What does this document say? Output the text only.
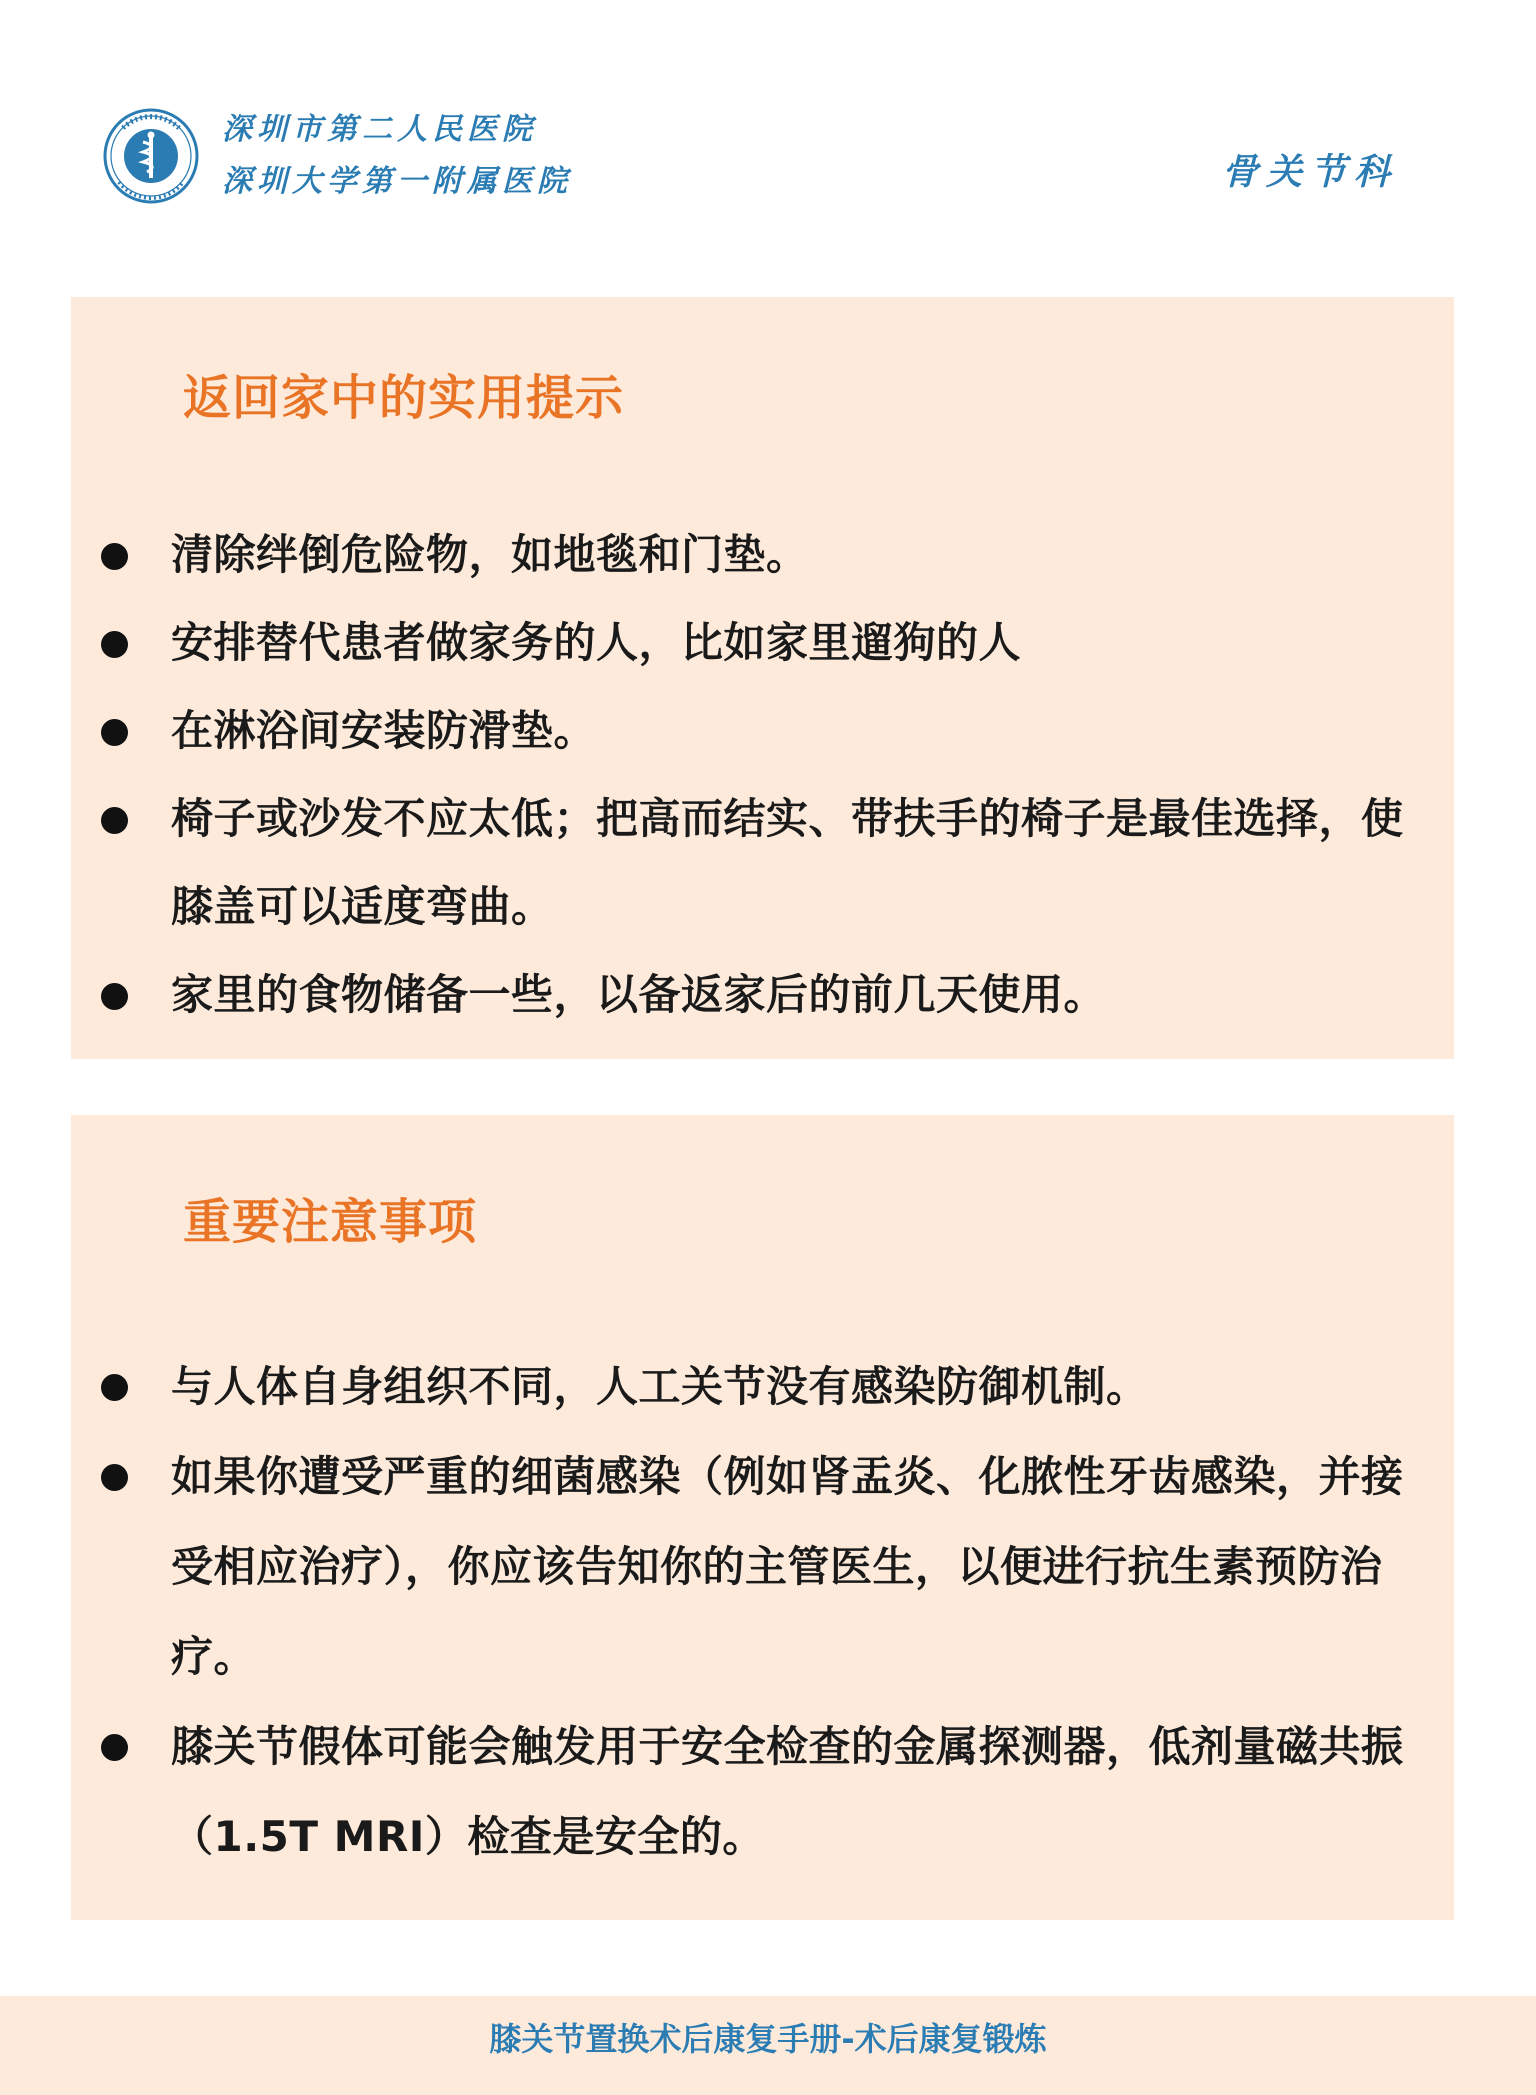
深圳市第二人民医院
深圳大学第一附属医院	骨关节科
返回家中的实用提示
清除绊倒危险物，如地毯和门垫。
安排替代患者做家务的人，比如家里遛狗的人
在淋浴间安装防滑垫。
椅子或沙发不应太低；把高而结实、带扶手的椅子是最佳选择，使膝盖可以适度弯曲。
家里的食物储备一些，以备返家后的前几天使用。
重要注意事项
与人体自身组织不同，人工关节没有感染防御机制。
如果你遭受严重的细菌感染（例如肾盂炎、化脓性牙齿感染，并接受相应治疗），你应该告知你的主管医生，以便进行抗生素预防治疗。
膝关节假体可能会触发用于安全检查的金属探测器，低剂量磁共振（1.5T MRI）检查是安全的。
膝关节置换术后康复手册-术后康复锻炼
